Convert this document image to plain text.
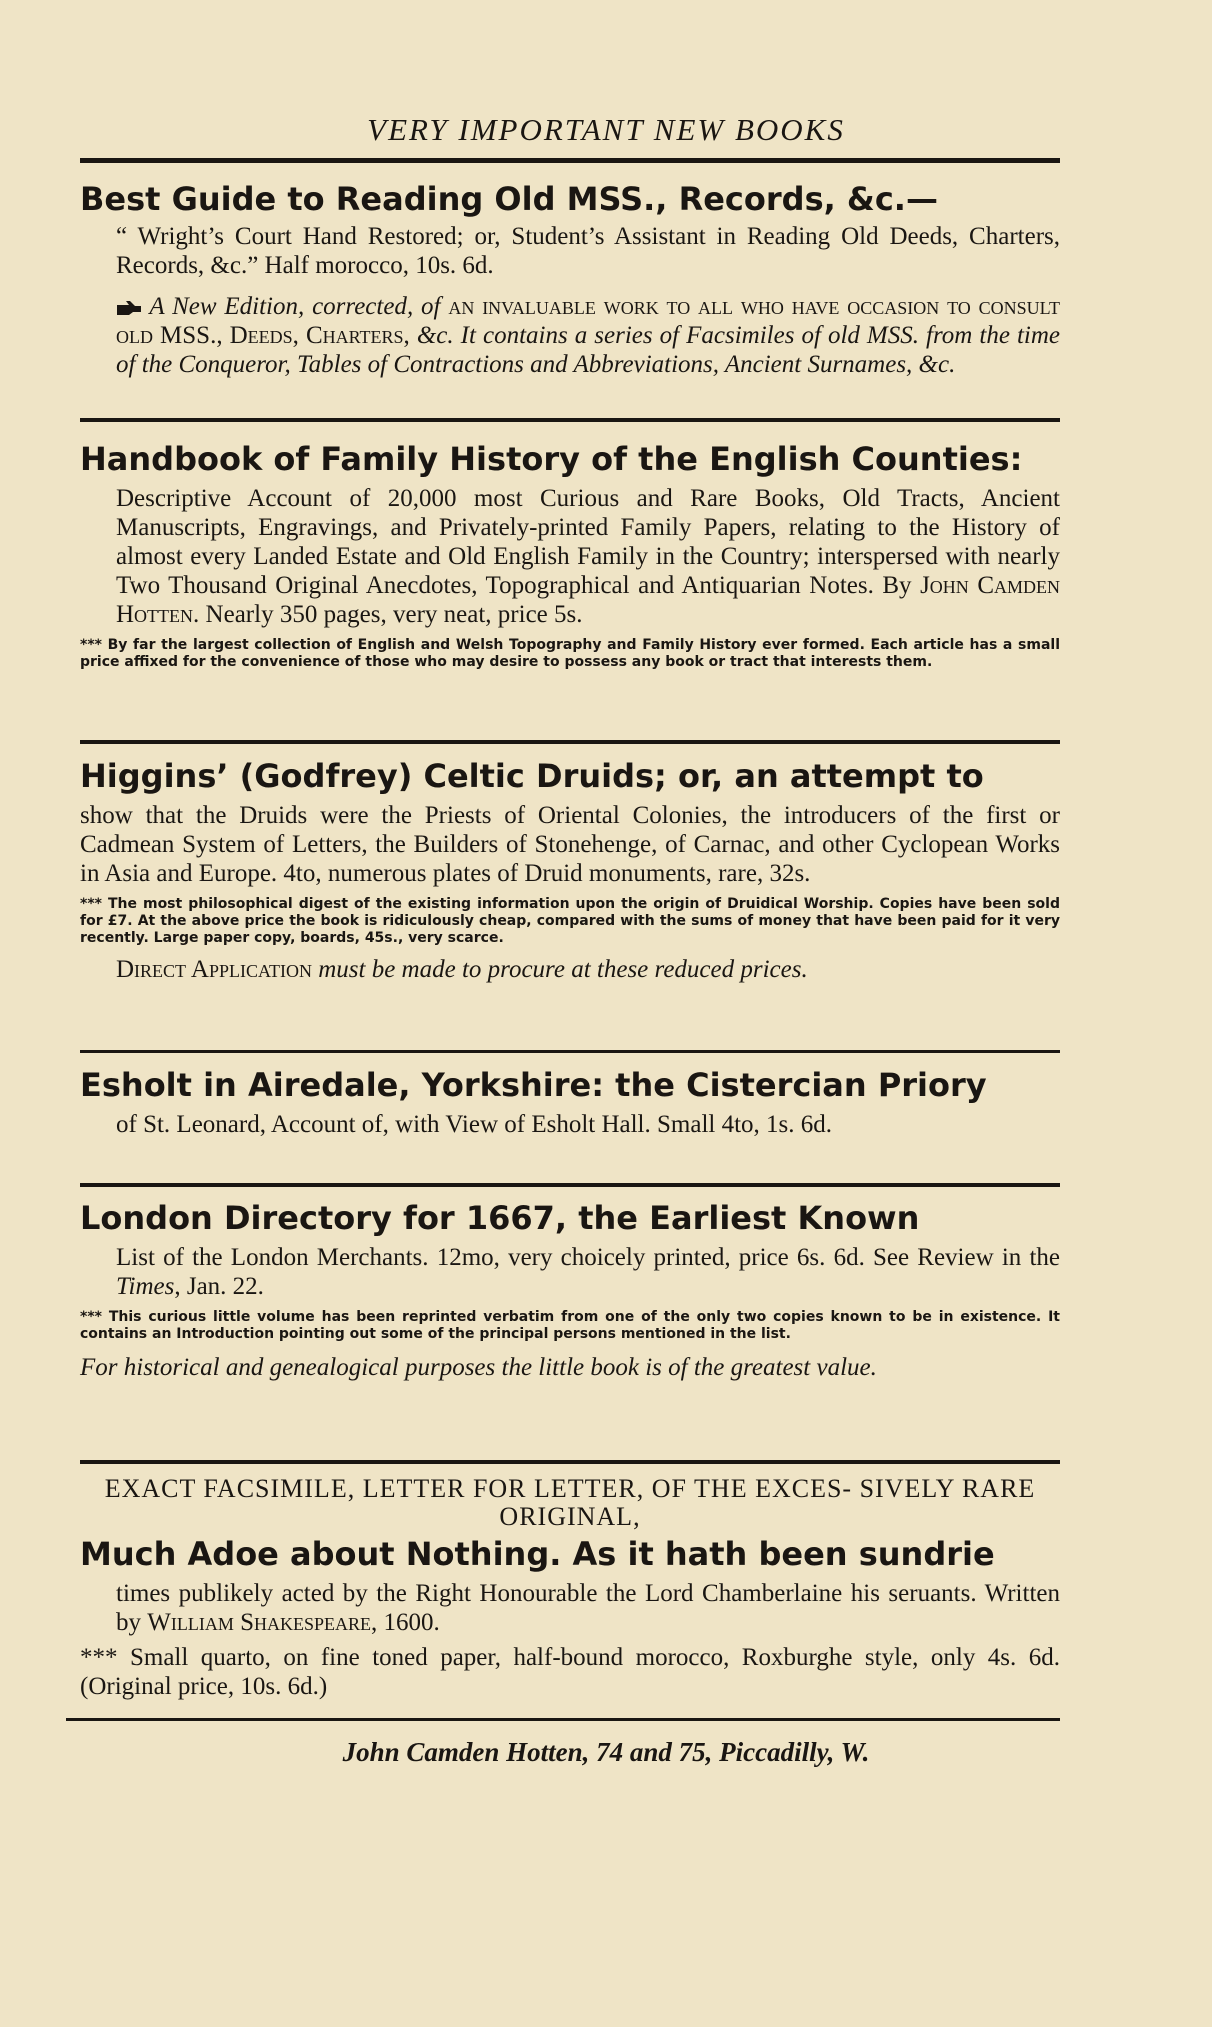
VERY IMPORTANT NEW BOOKS
Best Guide to Reading Old MSS., Records, &c.—
“ Wright’s Court Hand Restored; or, Student’s Assistant in Reading Old Deeds, Charters, Records, &c.” Half morocco, 10s. 6d.
A New Edition, corrected, of an invaluable work to all who have occasion to consult old MSS., Deeds, Charters, &c. It contains a series of Facsimiles of old MSS. from the time of the Conqueror, Tables of Contractions and Abbreviations, Ancient Surnames, &c.
Handbook of Family History of the English Counties:
Descriptive Account of 20,000 most Curious and Rare Books, Old Tracts, Ancient Manuscripts, Engravings, and Privately-printed Family Papers, relating to the History of almost every Landed Estate and Old English Family in the Country; interspersed with nearly Two Thousand Original Anecdotes, Topographical and Antiquarian Notes. By John Camden Hotten. Nearly 350 pages, very neat, price 5s.
*** By far the largest collection of English and Welsh Topography and Family History ever formed. Each article has a small price affixed for the convenience of those who may desire to possess any book or tract that interests them.
Higgins’ (Godfrey) Celtic Druids; or, an attempt to
show that the Druids were the Priests of Oriental Colonies, the introducers of the first or Cadmean System of Letters, the Builders of Stonehenge, of Carnac, and other Cyclopean Works in Asia and Europe. 4to, numerous plates of Druid monuments, rare, 32s.
*** The most philosophical digest of the existing information upon the origin of Druidical Worship. Copies have been sold for £7. At the above price the book is ridiculously cheap, compared with the sums of money that have been paid for it very recently. Large paper copy, boards, 45s., very scarce.
Direct Application must be made to procure at these reduced prices.
Esholt in Airedale, Yorkshire: the Cistercian Priory
of St. Leonard, Account of, with View of Esholt Hall. Small 4to, 1s. 6d.
London Directory for 1667, the Earliest Known
List of the London Merchants. 12mo, very choicely printed, price 6s. 6d. See Review in the Times, Jan. 22.
*** This curious little volume has been reprinted verbatim from one of the only two copies known to be in existence. It contains an Introduction pointing out some of the principal persons mentioned in the list.
For historical and genealogical purposes the little book is of the greatest value.
EXACT FACSIMILE, LETTER FOR LETTER, OF THE EXCES- SIVELY RARE ORIGINAL,
Much Adoe about Nothing. As it hath been sundrie
times publikely acted by the Right Honourable the Lord Chamberlaine his seruants. Written by William Shakespeare, 1600.
*** Small quarto, on fine toned paper, half-bound morocco, Roxburghe style, only 4s. 6d. (Original price, 10s. 6d.)
John Camden Hotten, 74 and 75, Piccadilly, W.
